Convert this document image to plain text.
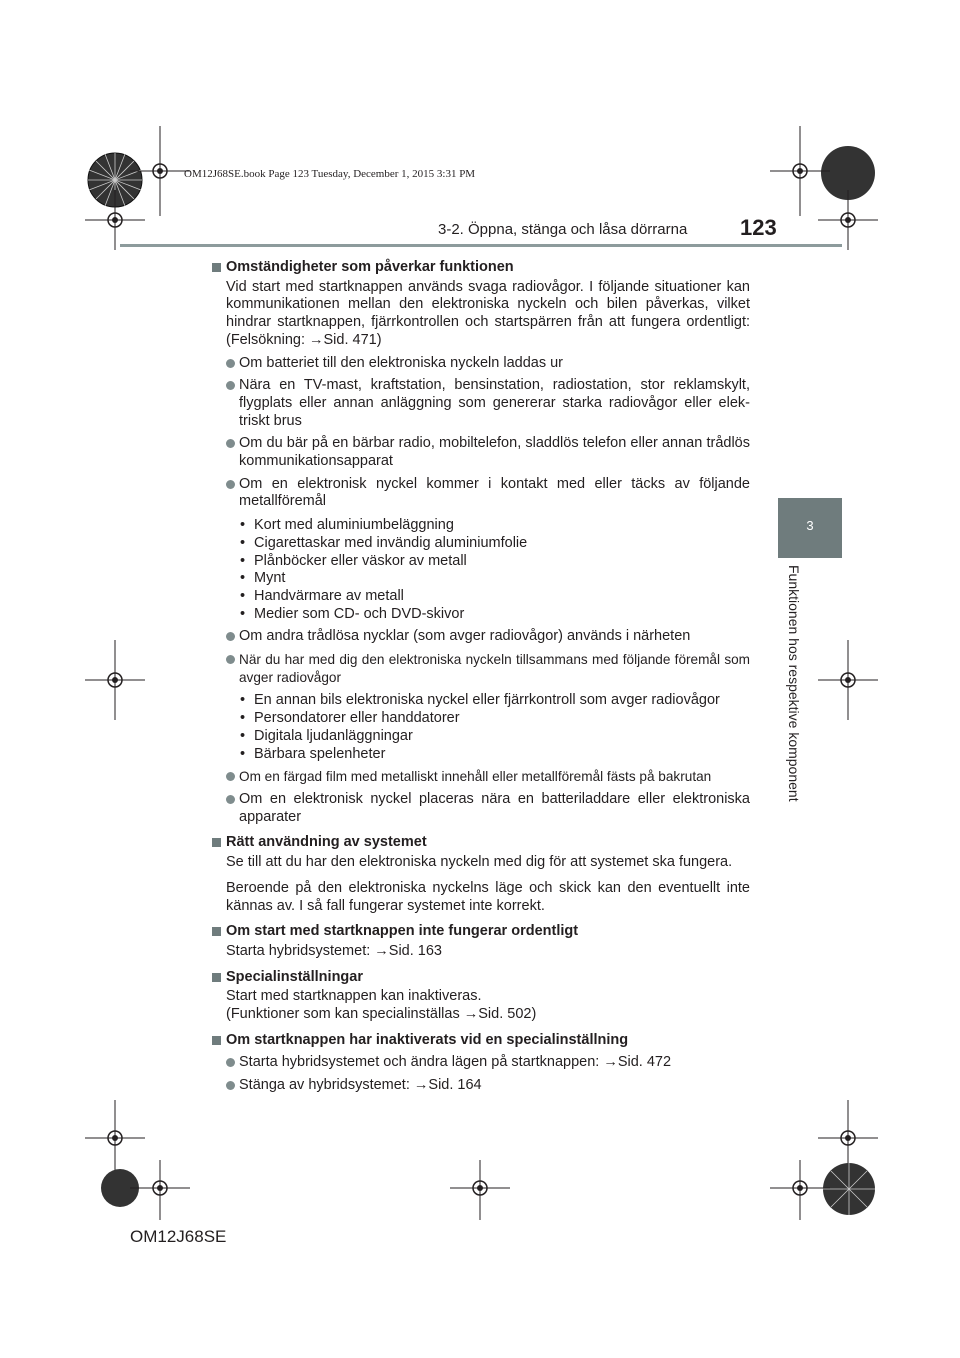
OM12J68SE.book Page 123 Tuesday, December 1, 2015 3:31 PM
3-2. Öppna, stänga och låsa dörrarna 123
3
Funktionen hos respektive komponent
Omständigheter som påverkar funktionen
Vid start med startknappen används svaga radiovågor. I följande situationer kan kommunikationen mellan den elektroniska nyckeln och bilen påverkas, vilket hindrar startknappen, fjärrkontrollen och startspärren från att fungera ordentligt: (Felsökning: →Sid. 471)
Om batteriet till den elektroniska nyckeln laddas ur
Nära en TV-mast, kraftstation, bensinstation, radiostation, stor reklamskylt, flygplats eller annan anläggning som genererar starka radiovågor eller elek-triskt brus
Om du bär på en bärbar radio, mobiltelefon, sladdlös telefon eller annan trådlös kommunikationsapparat
Om en elektronisk nyckel kommer i kontakt med eller täcks av följande metallföremål
• Kort med aluminiumbeläggning
• Cigarettaskar med invändig aluminiumfolie
• Plånböcker eller väskor av metall
• Mynt
• Handvärmare av metall
• Medier som CD- och DVD-skivor
Om andra trådlösa nycklar (som avger radiovågor) används i närheten
När du har med dig den elektroniska nyckeln tillsammans med följande föremål som avger radiovågor
• En annan bils elektroniska nyckel eller fjärrkontroll som avger radiovågor
• Persondatorer eller handdatorer
• Digitala ljudanläggningar
• Bärbara spelenheter
Om en färgad film med metalliskt innehåll eller metallföremål fästs på bakrutan
Om en elektronisk nyckel placeras nära en batteriladdare eller elektroniska apparater
Rätt användning av systemet
Se till att du har den elektroniska nyckeln med dig för att systemet ska fungera.
Beroende på den elektroniska nyckelns läge och skick kan den eventuellt inte kännas av. I så fall fungerar systemet inte korrekt.
Om start med startknappen inte fungerar ordentligt
Starta hybridsystemet: →Sid. 163
Specialinställningar
Start med startknappen kan inaktiveras.
(Funktioner som kan specialinställas →Sid. 502)
Om startknappen har inaktiverats vid en specialinställning
Starta hybridsystemet och ändra lägen på startknappen: →Sid. 472
Stänga av hybridsystemet: →Sid. 164
OM12J68SE
